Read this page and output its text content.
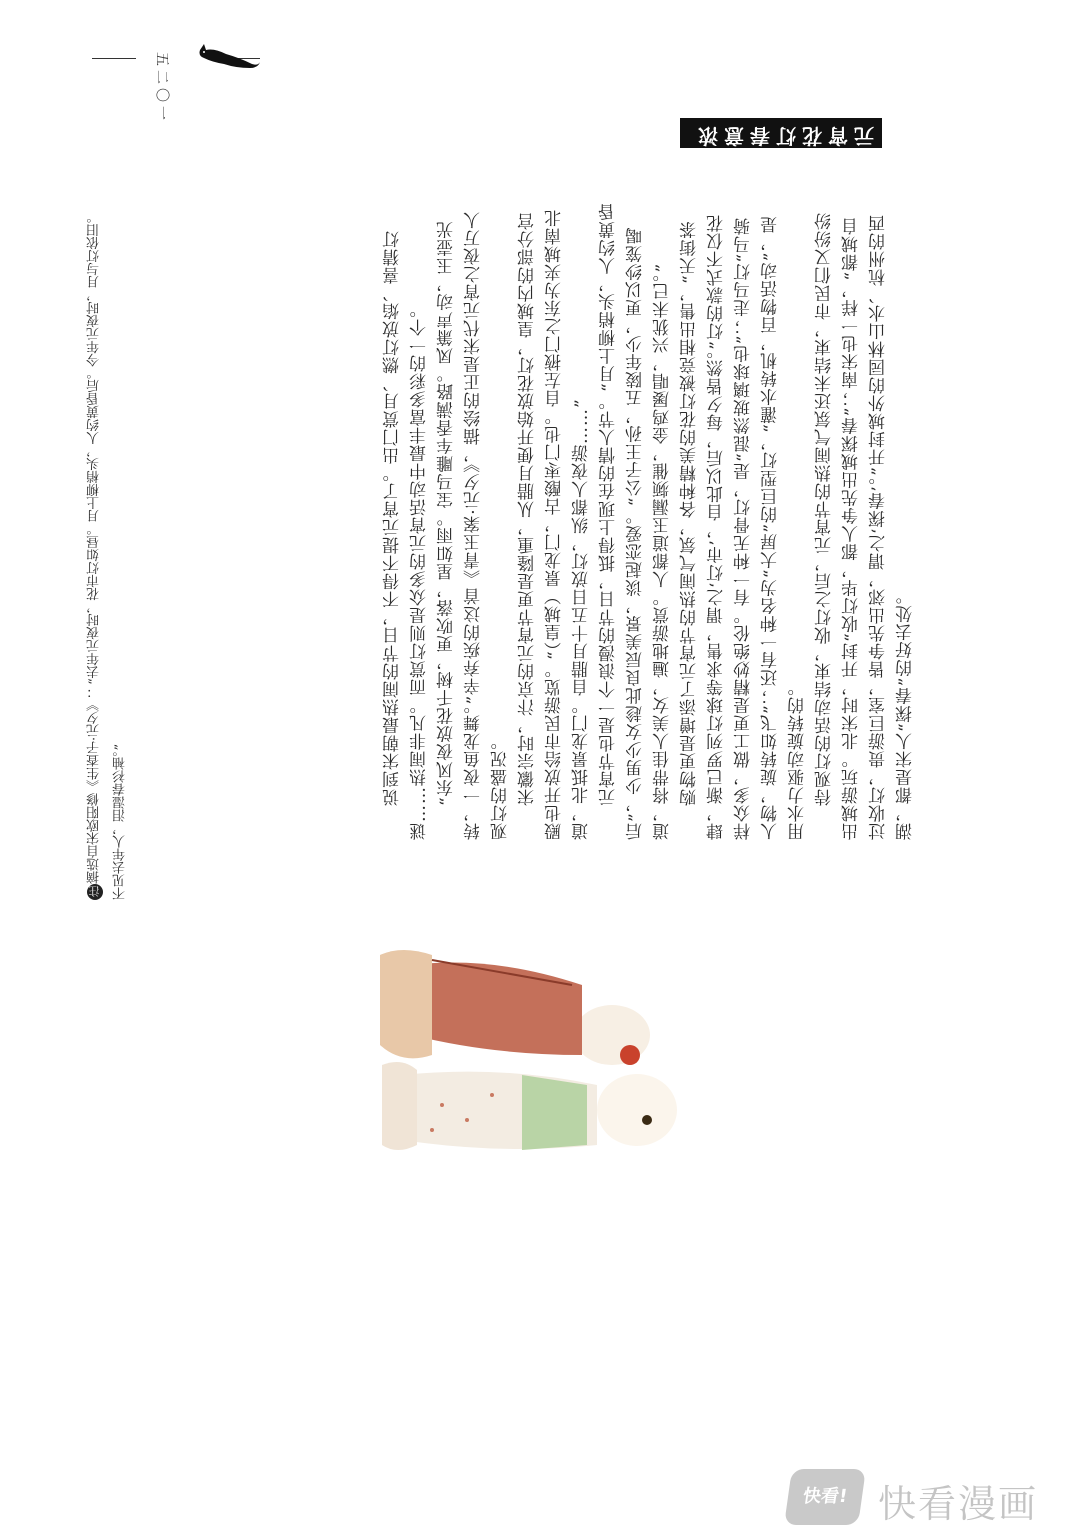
一〇二五
元宵花灯春意浓

说到宋朝最热闹的节日，不得不提元宵了。出门赏月、燃灯放焰、喜猜灯谜……热闹非凡。而赏灯则是众多的元宵活动中最丰富多彩的一个。 “东风夜放花千树，更吹落，星如雨。宝马雕车香满路。凤箫声动，玉壶光转，一夜鱼龙舞。”辛弃疾的这首《青玉案·元夕》，描绘的正是宋代元宵之夜万人观灯的盛况。 宋徽宗时，汴京的元宵节更是隆重，从腊月便开始放花灯，皇城内的部分宫殿也开放给市民游览。“（皇城）景龙门，古酸枣门也。自左掖门之东为夹城南北道，北抵景龙门。自腊月十五日放灯，纵都人夜游……” 元宵节也是一个浪漫的节日，抵得上现在的情人节。“月上柳梢头，人约黄昏后”，少男少女趁此良辰美景，谈起恋爱。“公子王孙，五陵年少，更以纱笼喝道，将带佳人美女，遍地游赏。人都道玉漏频催，金鸡屡唱，兴犹未已。” 购物更是增添了元宵节的热闹气氛，各种精美的花灯被竞相出售，“天街茶肆，渐已罗列灯球等求售，谓之‘灯市’，自此以后，每夕皆然。”灯的款式不仅花样众多，做工更是精妙绝伦。有一种无骨灯，是“混然玻璃球也”；走马灯“马骑人物，旋转如飞”；还有一种名为“大屏”的巨型灯，“灌水转机，百物活动”，是用水力驱动旋转的。 待观灯的活动结束，收灯之后，元宵节的热闹气氛还未结束，市民们又纷纷出城游玩。北宋时，开封“收灯毕，都人争先出城探春”；南宋也一样，“都城自过收灯，贵游巨室，皆争先出郊，谓之‘探春’。”开封城外的园林山水、杭州的西湖，都是宋人“探春”的好去处。

注摘选自宋欧阳修《生查子·元夕》：“去年元夜时，花市灯如昼。月上柳梢头，人约黄昏后。今年元夜时，月与灯依旧。不见去年人，泪湿春衫袖。”
快看! 快看漫画
